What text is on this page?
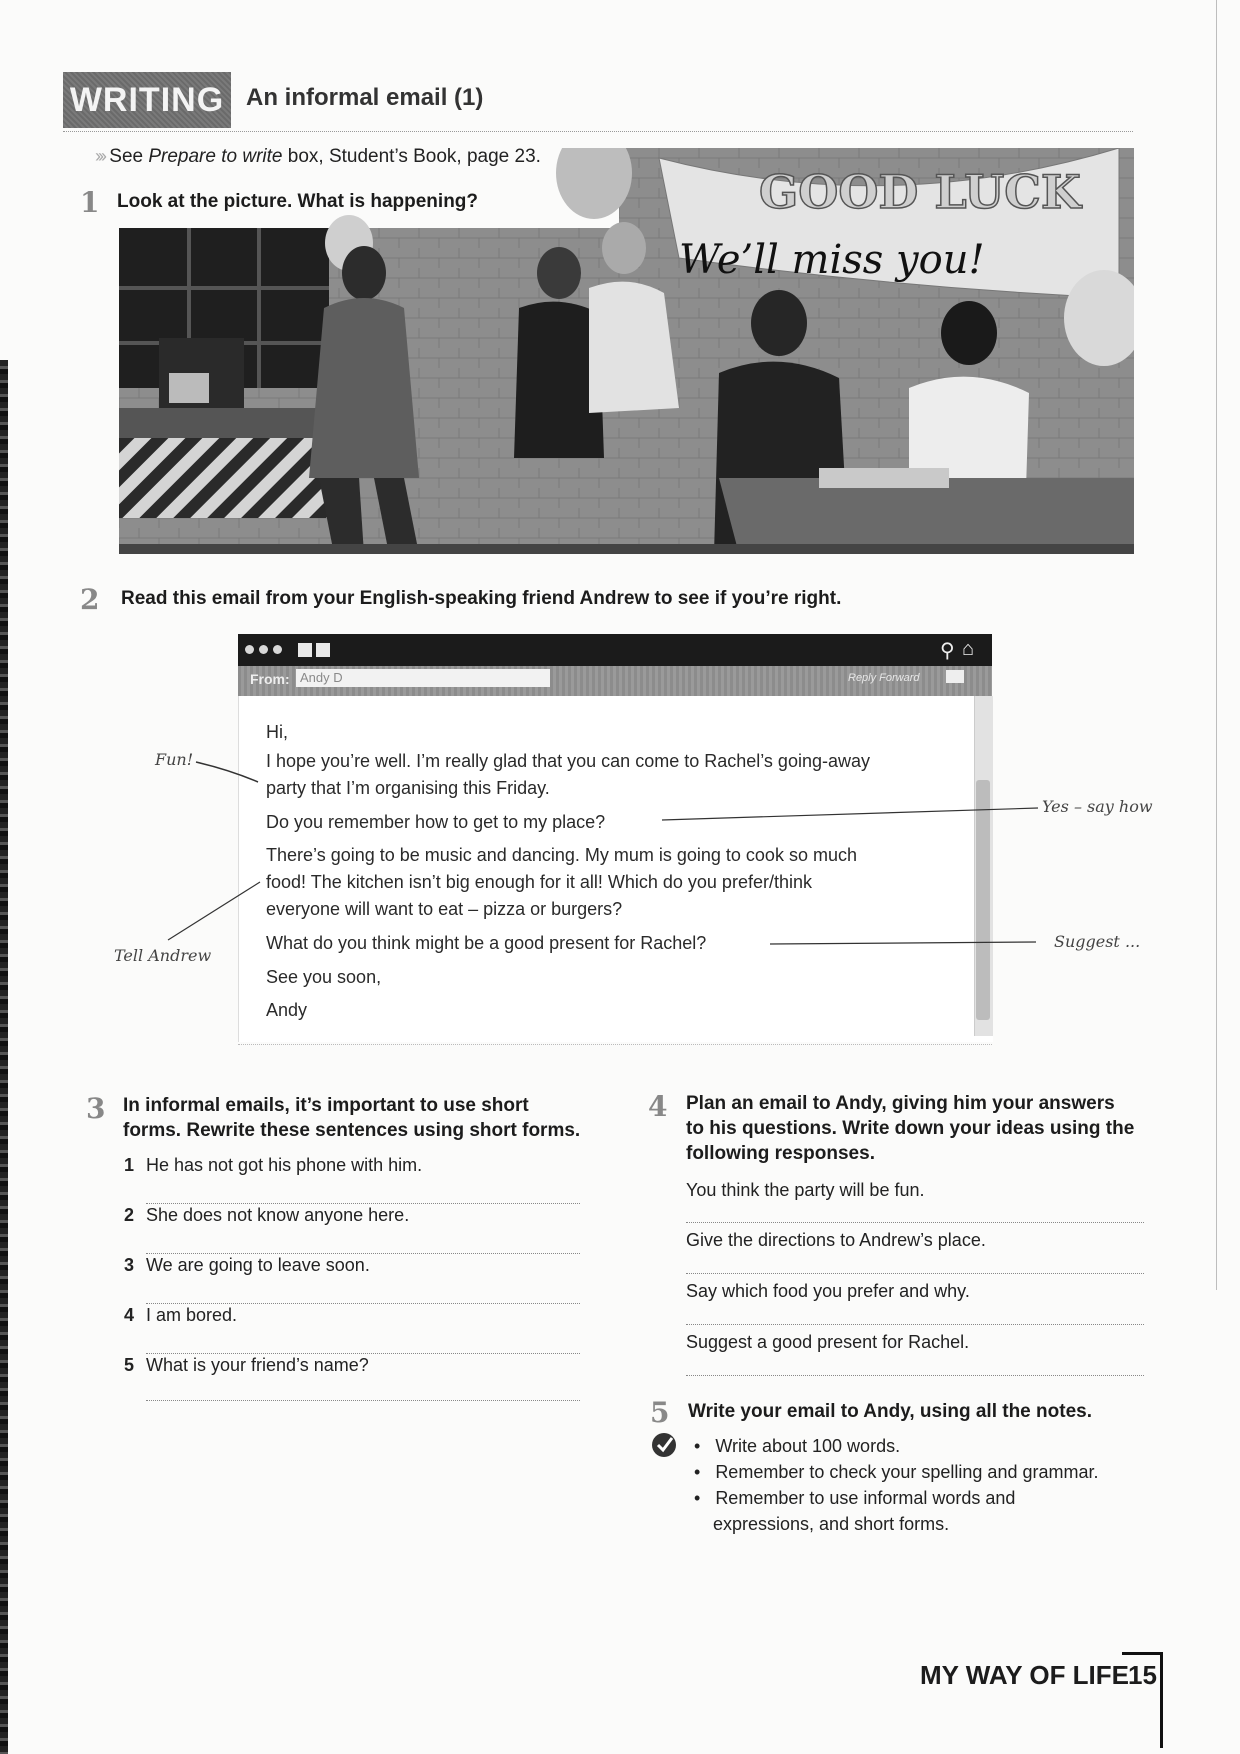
WRITING An informal email (1)
››› See Prepare to write box, Student’s Book, page 23.
1 Look at the picture. What is happening?	GOOD LUCK
We’ll miss you!
2 Read this email from your English-speaking friend Andrew to see if you’re right.
⚲ ⌂
From: Andy D	Reply Forward
Hi,
I hope you’re well. I’m really glad that you can come to Rachel’s going-away
party that I’m organising this Friday.
Do you remember how to get to my place?
There’s going to be music and dancing. My mum is going to cook so much
food! The kitchen isn’t big enough for it all! Which do you prefer/think
everyone will want to eat – pizza or burgers?
What do you think might be a good present for Rachel?
See you soon,
Andy
Fun!
Tell Andrew
Yes – say how
Suggest ...
3 In informal emails, it’s important to use short
forms. Rewrite these sentences using short forms.
1 He has not got his phone with him.
2 She does not know anyone here.
3 We are going to leave soon.
4 I am bored.
5 What is your friend’s name?
4 Plan an email to Andy, giving him your answers
to his questions. Write down your ideas using the
following responses.
You think the party will be fun.
Give the directions to Andrew’s place.
Say which food you prefer and why.
Suggest a good present for Rachel.
5 Write your email to Andy, using all the notes.
•   Write about 100 words.
•   Remember to check your spelling and grammar.
•   Remember to use informal words and
expressions, and short forms.
MY WAY OF LIFE
15
